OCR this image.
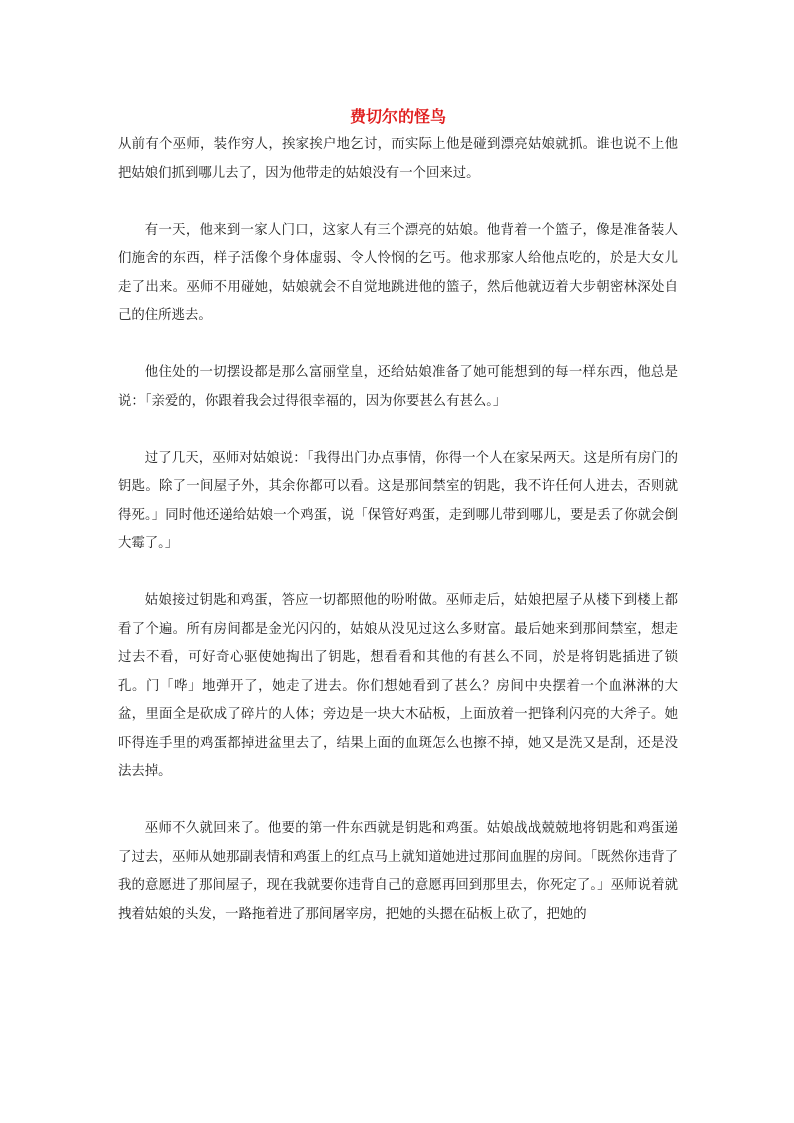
费切尔的怪鸟

从前有个巫师，装作穷人，挨家挨户地乞讨，而实际上他是碰到漂亮姑娘就抓。谁也说不上他把姑娘们抓到哪儿去了，因为他带走的姑娘没有一个回来过。

有一天，他来到一家人门口，这家人有三个漂亮的姑娘。他背着一个篮子，像是准备装人们施舍的东西，样子活像个身体虚弱、令人怜悯的乞丐。他求那家人给他点吃的，於是大女儿走了出来。巫师不用碰她，姑娘就会不自觉地跳进他的篮子，然后他就迈着大步朝密林深处自己的住所逃去。

他住处的一切摆设都是那么富丽堂皇，还给姑娘准备了她可能想到的每一样东西，他总是说：「亲爱的，你跟着我会过得很幸福的，因为你要甚么有甚么。」

过了几天，巫师对姑娘说：「我得出门办点事情，你得一个人在家呆两天。这是所有房门的钥匙。除了一间屋子外，其余你都可以看。这是那间禁室的钥匙，我不许任何人进去，否则就得死。」同时他还递给姑娘一个鸡蛋，说「保管好鸡蛋，走到哪儿带到哪儿，要是丢了你就会倒大霉了。」

姑娘接过钥匙和鸡蛋，答应一切都照他的吩咐做。巫师走后，姑娘把屋子从楼下到楼上都看了个遍。所有房间都是金光闪闪的，姑娘从没见过这么多财富。最后她来到那间禁室，想走过去不看，可好奇心驱使她掏出了钥匙，想看看和其他的有甚么不同，於是将钥匙插进了锁孔。门「哗」地弹开了，她走了进去。你们想她看到了甚么？房间中央摆着一个血淋淋的大盆，里面全是砍成了碎片的人体；旁边是一块大木砧板，上面放着一把锋利闪亮的大斧子。她吓得连手里的鸡蛋都掉进盆里去了，结果上面的血斑怎么也擦不掉，她又是洗又是刮，还是没法去掉。

巫师不久就回来了。他要的第一件东西就是钥匙和鸡蛋。姑娘战战兢兢地将钥匙和鸡蛋递了过去，巫师从她那副表情和鸡蛋上的红点马上就知道她进过那间血腥的房间。「既然你违背了我的意愿进了那间屋子，现在我就要你违背自己的意愿再回到那里去，你死定了。」巫师说着就拽着姑娘的头发，一路拖着进了那间屠宰房，把她的头摁在砧板上砍了，把她的
